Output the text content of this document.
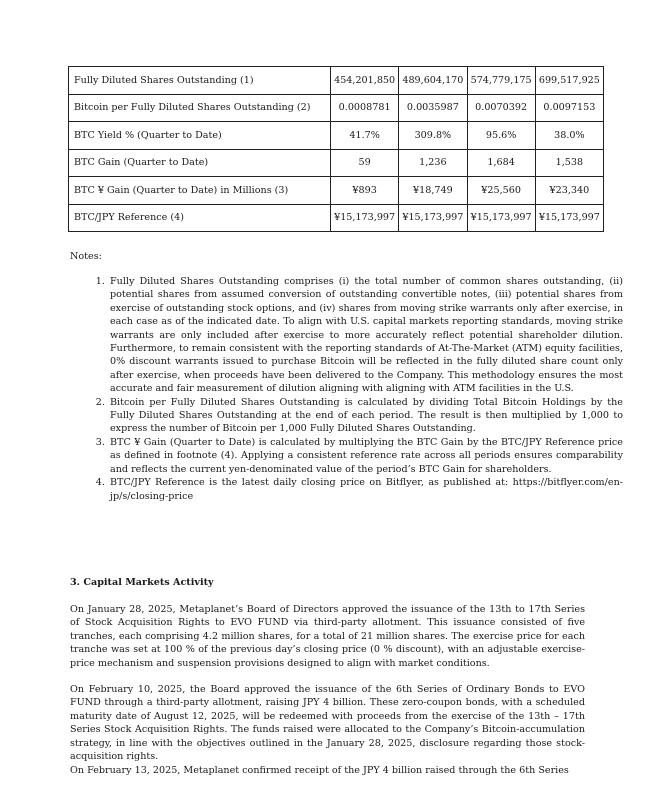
Fully Diluted Shares Outstanding (1)	454,201,850	489,604,170	574,779,175	699,517,925
Bitcoin per Fully Diluted Shares Outstanding (2)	0.0008781	0.0035987	0.0070392	0.0097153
BTC Yield % (Quarter to Date)	41.7%	309.8%	95.6%	38.0%
BTC Gain (Quarter to Date)	59	1,236	1,684	1,538
BTC ¥ Gain (Quarter to Date) in Millions (3)	¥893	¥18,749	¥25,560	¥23,340
BTC/JPY Reference (4)	¥15,173,997	¥15,173,997	¥15,173,997	¥15,173,997
Notes:
1. Fully Diluted Shares Outstanding comprises (i) the total number of common shares outstanding, (ii) potential shares from assumed conversion of outstanding convertible notes, (iii) potential shares from exercise of outstanding stock options, and (iv) shares from moving strike warrants only after exercise, in each case as of the indicated date. To align with U.S. capital markets reporting standards, moving strike warrants are only included after exercise to more accurately reflect potential shareholder dilution. Furthermore, to remain consistent with the reporting standards of At-The-Market (ATM) equity facilities, 0% discount warrants issued to purchase Bitcoin will be reflected in the fully diluted share count only after exercise, when proceeds have been delivered to the Company. This methodology ensures the most accurate and fair measurement of dilution aligning with aligning with ATM facilities in the U.S.
2. Bitcoin per Fully Diluted Shares Outstanding is calculated by dividing Total Bitcoin Holdings by the Fully Diluted Shares Outstanding at the end of each period. The result is then multiplied by 1,000 to express the number of Bitcoin per 1,000 Fully Diluted Shares Outstanding.
3. BTC ¥ Gain (Quarter to Date) is calculated by multiplying the BTC Gain by the BTC/JPY Reference price as defined in footnote (4). Applying a consistent reference rate across all periods ensures comparability and reflects the current yen-denominated value of the period’s BTC Gain for shareholders.
4. BTC/JPY Reference is the latest daily closing price on Bitflyer, as published at: https://bitflyer.com/en-jp/s/closing-price
3. Capital Markets Activity

On January 28, 2025, Metaplanet’s Board of Directors approved the issuance of the 13th to 17th Series of Stock Acquisition Rights to EVO FUND via third-party allotment. This issuance consisted of five tranches, each comprising 4.2 million shares, for a total of 21 million shares. The exercise price for each tranche was set at 100 % of the previous day’s closing price (0 % discount), with an adjustable exercise-price mechanism and suspension provisions designed to align with market conditions.

On February 10, 2025, the Board approved the issuance of the 6th Series of Ordinary Bonds to EVO FUND through a third-party allotment, raising JPY 4 billion. These zero-coupon bonds, with a scheduled maturity date of August 12, 2025, will be redeemed with proceeds from the exercise of the 13th – 17th Series Stock Acquisition Rights. The funds raised were allocated to the Company’s Bitcoin-accumulation strategy, in line with the objectives outlined in the January 28, 2025, disclosure regarding those stock-acquisition rights.

On February 13, 2025, Metaplanet confirmed receipt of the JPY 4 billion raised through the 6th Series
